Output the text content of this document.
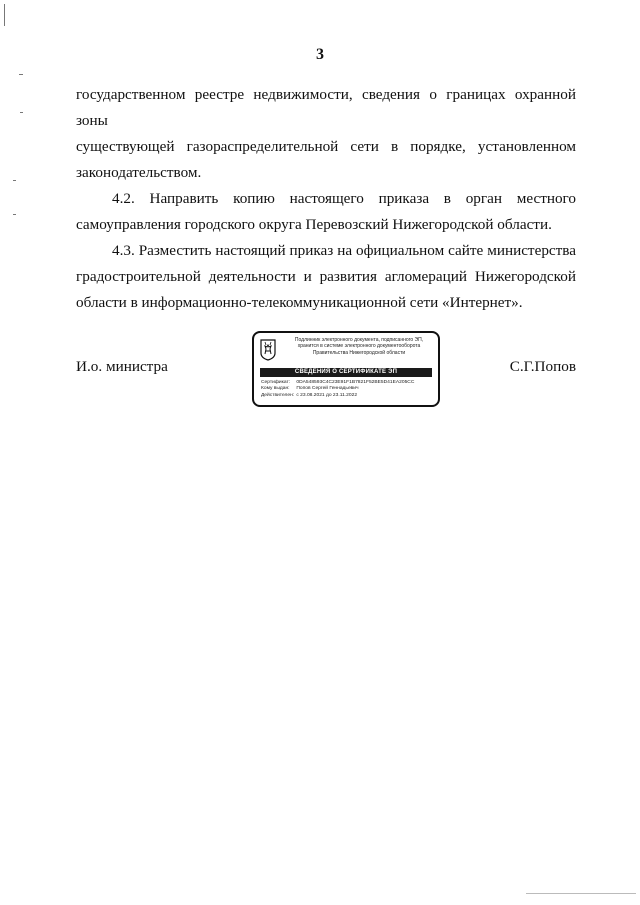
3

государственном реестре недвижимости, сведения о границах охранной зоны
существующей газораспределительной сети в порядке, установленном
законодательством.

4.2. Направить копию настоящего приказа в орган местного
самоуправления городского округа Перевозский Нижегородской области.

4.3. Разместить настоящий приказ на официальном сайте министерства
градостроительной деятельности и развития агломераций Нижегородской
области в информационно-телекоммуникационной сети «Интернет».

И.о. министра
Подлинник электронного документа, подписанного ЭП,
хранится в системе электронного документооборота
Правительства Нижегородской области
СВЕДЕНИЯ О СЕРТИФИКАТЕ ЭП
Сертификат: 0DA548593C4C23E91F1B7821F52BE5D41EA205CC
Кому выдан: Попов Сергей Геннадьевич
Действителен: с 23.08.2021 до 23.11.2022
С.Г.Попов
